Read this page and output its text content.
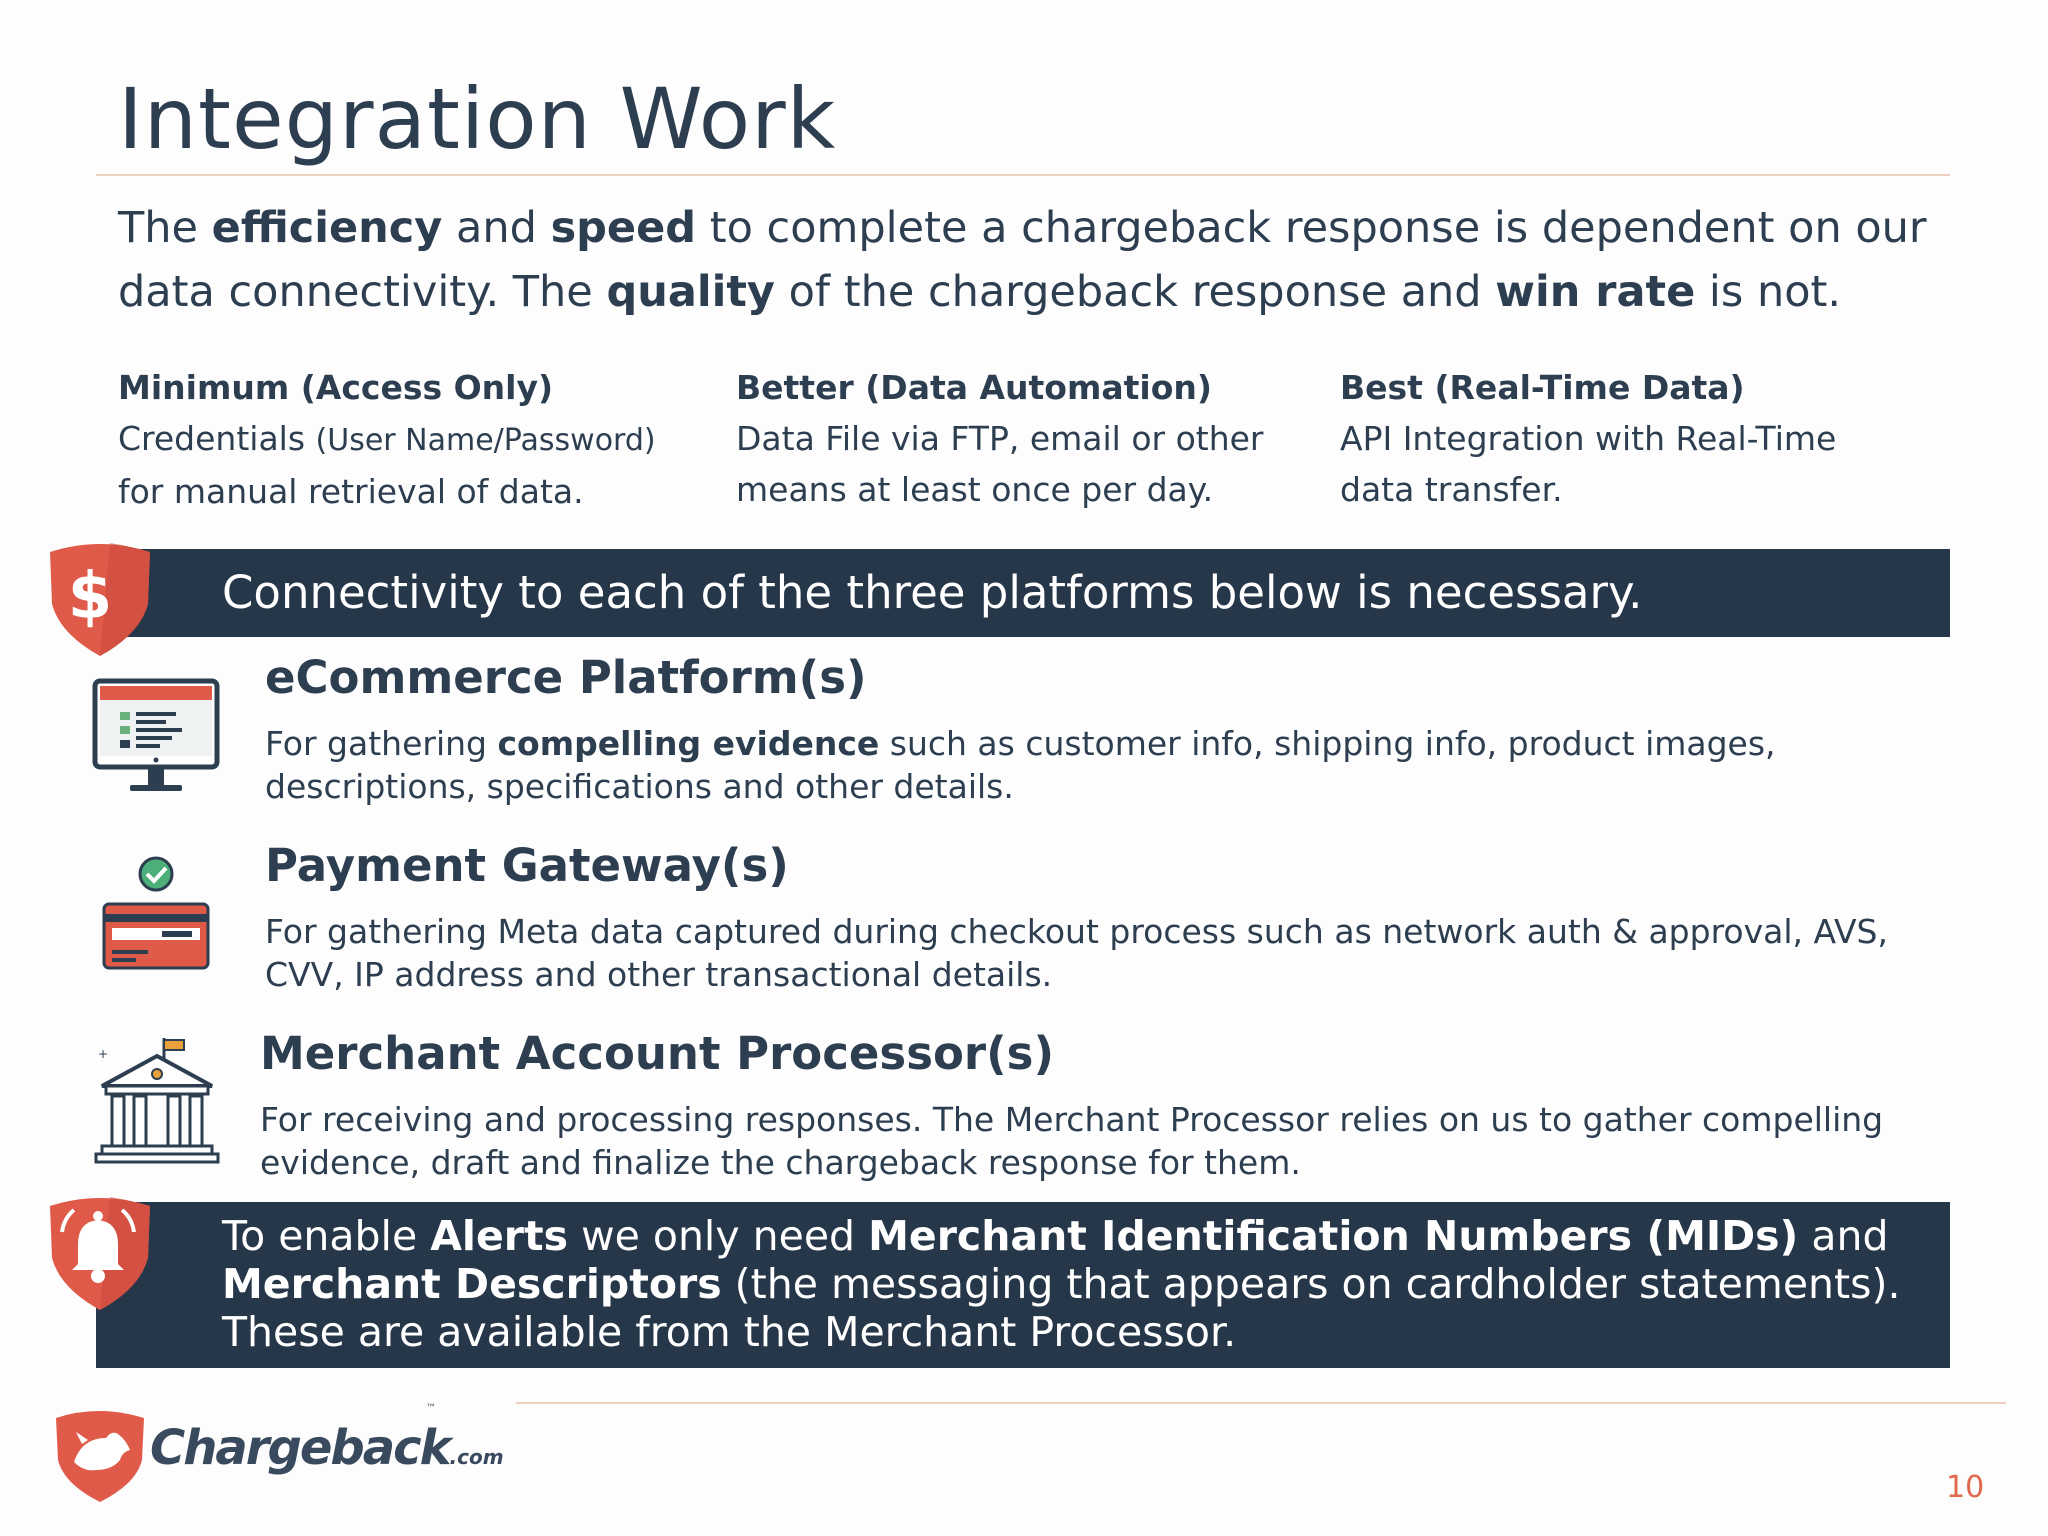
Integration Work
The efficiency and speed to complete a chargeback response is dependent on our data connectivity. The quality of the chargeback response and win rate is not.
Minimum (Access Only)
Credentials (User Name/Password)
for manual retrieval of data.
Better (Data Automation)
Data File via FTP, email or other
means at least once per day.
Best (Real-Time Data)
API Integration with Real-Time
data transfer.
Connectivity to each of the three platforms below is necessary.
$
eCommerce Platform(s)
For gathering compelling evidence such as customer info, shipping info, product images, descriptions, specifications and other details.
Payment Gateway(s)
For gathering Meta data captured during checkout process such as network auth & approval, AVS, CVV, IP address and other transactional details.
+	Merchant Account Processor(s)
For receiving and processing responses. The Merchant Processor relies on us to gather compelling evidence, draft and finalize the chargeback response for them.
To enable Alerts we only need Merchant Identification Numbers (MIDs) and Merchant Descriptors (the messaging that appears on cardholder statements). These are available from the Merchant Processor.
Chargeback.com
™
10
